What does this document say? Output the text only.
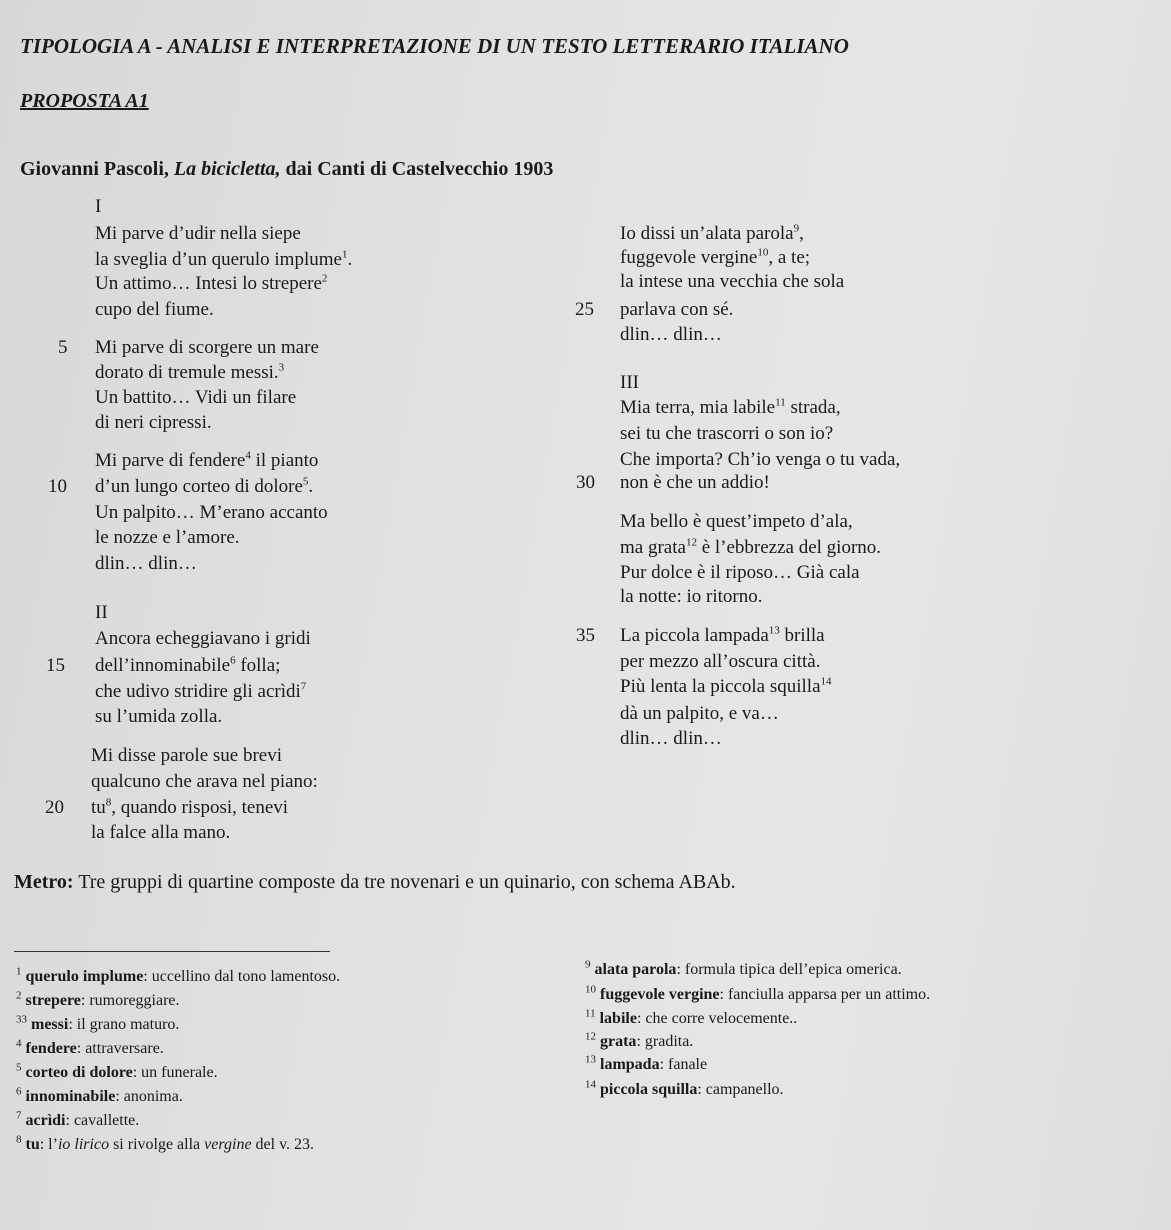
TIPOLOGIA A - ANALISI E INTERPRETAZIONE DI UN TESTO LETTERARIO ITALIANO
PROPOSTA A1
Giovanni Pascoli, La bicicletta, dai Canti di Castelvecchio 1903
I
Mi parve d’udir nella siepe
la sveglia d’un querulo implume$^1$.
Un attimo… Intesi lo strepere$^2$
cupo del fiume.
5 Mi parve di scorgere un mare
dorato di tremule messi.$^3$
Un battito… Vidi un filare
di neri cipressi.
Mi parve di fendere$^4$ il pianto
10 d’un lungo corteo di dolore$^5$.
Un palpito… M’erano accanto
le nozze e l’amore.
dlin… dlin…
II
Ancora echeggiavano i gridi
15 dell’innominabile$^6$ folla;
che udivo stridire gli acrìdi$^7$
su l’umida zolla.
Mi disse parole sue brevi
qualcuno che arava nel piano:
20 $tu^8$, quando risposi, tenevi
la falce alla mano.
Io dissi un’alata parola$^9$,
fuggevole vergine$^{10}$, a te;
la intese una vecchia che sola
25 parlava con sé.
dlin… dlin…
III
Mia terra, mia labile$^{11}$ strada,
sei tu che trascorri o son io?
Che importa? Ch’io venga o tu vada,
30 non è che un addio!
Ma bello è quest’impeto d’ala,
ma grata$^{12}$ è l’ebbrezza del giorno.
Pur dolce è il riposo… Già cala
la notte: io ritorno.
35 La piccola lampada$^{13}$ brilla
per mezzo all’oscura città.
Più lenta la piccola squilla$^{14}$
dà un palpito, e va…
dlin… dlin…
Metro: Tre gruppi di quartine composte da tre novenari e un quinario, con schema ABAb.
$^1$ querulo implume: uccellino dal tono lamentoso.
$^2$ strepere: rumoreggiare.
$^{33}$ messi: il grano maturo.
$^4$ fendere: attraversare.
$^5$ corteo di dolore: un funerale.
$^6$ innominabile: anonima.
$^7$ acrìdi: cavallette.
$^8$ tu: l’io lirico si rivolge alla vergine del v. 23.
$^9$ alata parola: formula tipica dell’epica omerica.
$^{10}$ fuggevole vergine: fanciulla apparsa per un attimo.
$^{11}$ labile: che corre velocemente..
$^{12}$ grata: gradita.
$^{13}$ lampada: fanale
$^{14}$ piccola squilla: campanello.
